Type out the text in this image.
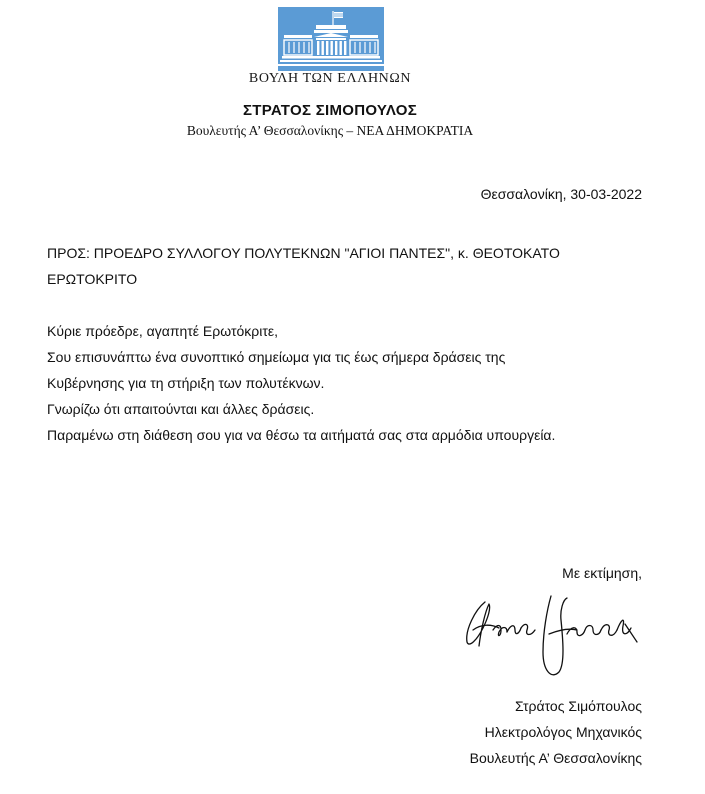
ΒΟΥΛΗ ΤΩΝ ΕΛΛΗΝΩΝ
ΣΤΡΑΤΟΣ ΣΙΜΟΠΟΥΛΟΣ
Βουλευτής Α’ Θεσσαλονίκης – ΝΕΑ ΔΗΜΟΚΡΑΤΙΑ
Θεσσαλονίκη, 30-03-2022

ΠΡΟΣ: ΠΡΟΕΔΡΟ ΣΥΛΛΟΓΟΥ ΠΟΛΥΤΕΚΝΩΝ "ΑΓΙΟΙ ΠΑΝΤΕΣ", κ. ΘΕΟΤΟΚΑΤΟ

ΕΡΩΤΟΚΡΙΤΟ

Κύριε πρόεδρε, αγαπητέ Ερωτόκριτε,

Σου επισυνάπτω ένα συνοπτικό σημείωμα για τις έως σήμερα δράσεις της

Κυβέρνησης για τη στήριξη των πολυτέκνων.

Γνωρίζω ότι απαιτούνται και άλλες δράσεις.

Παραμένω στη διάθεση σου για να θέσω τα αιτήματά σας στα αρμόδια υπουργεία.

Με εκτίμηση,
Στράτος Σιμόπουλος
Ηλεκτρολόγος Μηχανικός
Βουλευτής Α’ Θεσσαλονίκης
